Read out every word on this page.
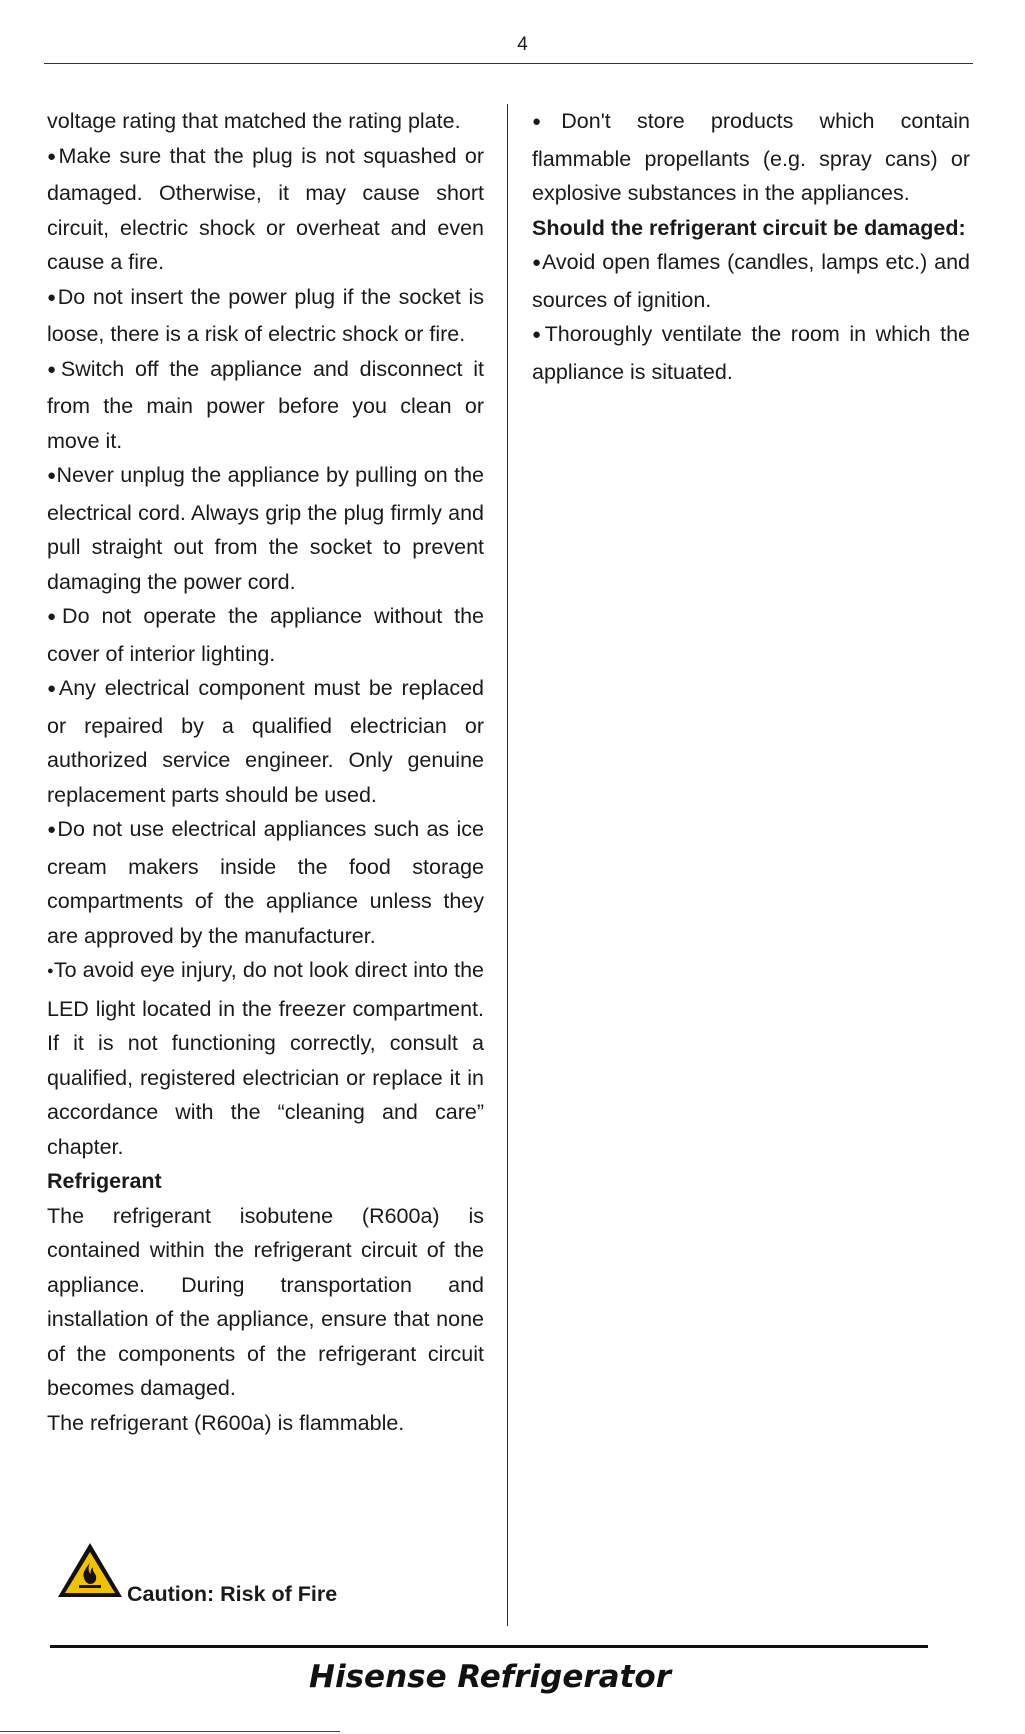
4

voltage rating that matched the rating plate.

●Make sure that the plug is not squashed or damaged. Otherwise, it may cause short circuit, electric shock or overheat and even cause a fire.

●Do not insert the power plug if the socket is loose, there is a risk of electric shock or fire.

●Switch off the appliance and disconnect it from the main power before you clean or move it.

●Never unplug the appliance by pulling on the electrical cord. Always grip the plug firmly and pull straight out from the socket to prevent damaging the power cord.

●Do not operate the appliance without the cover of interior lighting.

●Any electrical component must be replaced or repaired by a qualified electrician or authorized service engineer. Only genuine replacement parts should be used.

●Do not use electrical appliances such as ice cream makers inside the food storage compartments of the appliance unless they are approved by the manufacturer.

●To avoid eye injury, do not look direct into the LED light located in the freezer compartment. If it is not functioning correctly, consult a qualified, registered electrician or replace it in accordance with the “cleaning and care” chapter.

Refrigerant

The refrigerant isobutene (R600a) is contained within the refrigerant circuit of the appliance. During transportation and installation of the appliance, ensure that none of the components of the refrigerant circuit becomes damaged.

The refrigerant (R600a) is flammable.

Caution: Risk of Fire

●Don't store products which contain flammable propellants (e.g. spray cans) or explosive substances in the appliances.

Should the refrigerant circuit be damaged:

●Avoid open flames (candles, lamps etc.) and sources of ignition.

●Thoroughly ventilate the room in which the appliance is situated.

Hisense Refrigerator
